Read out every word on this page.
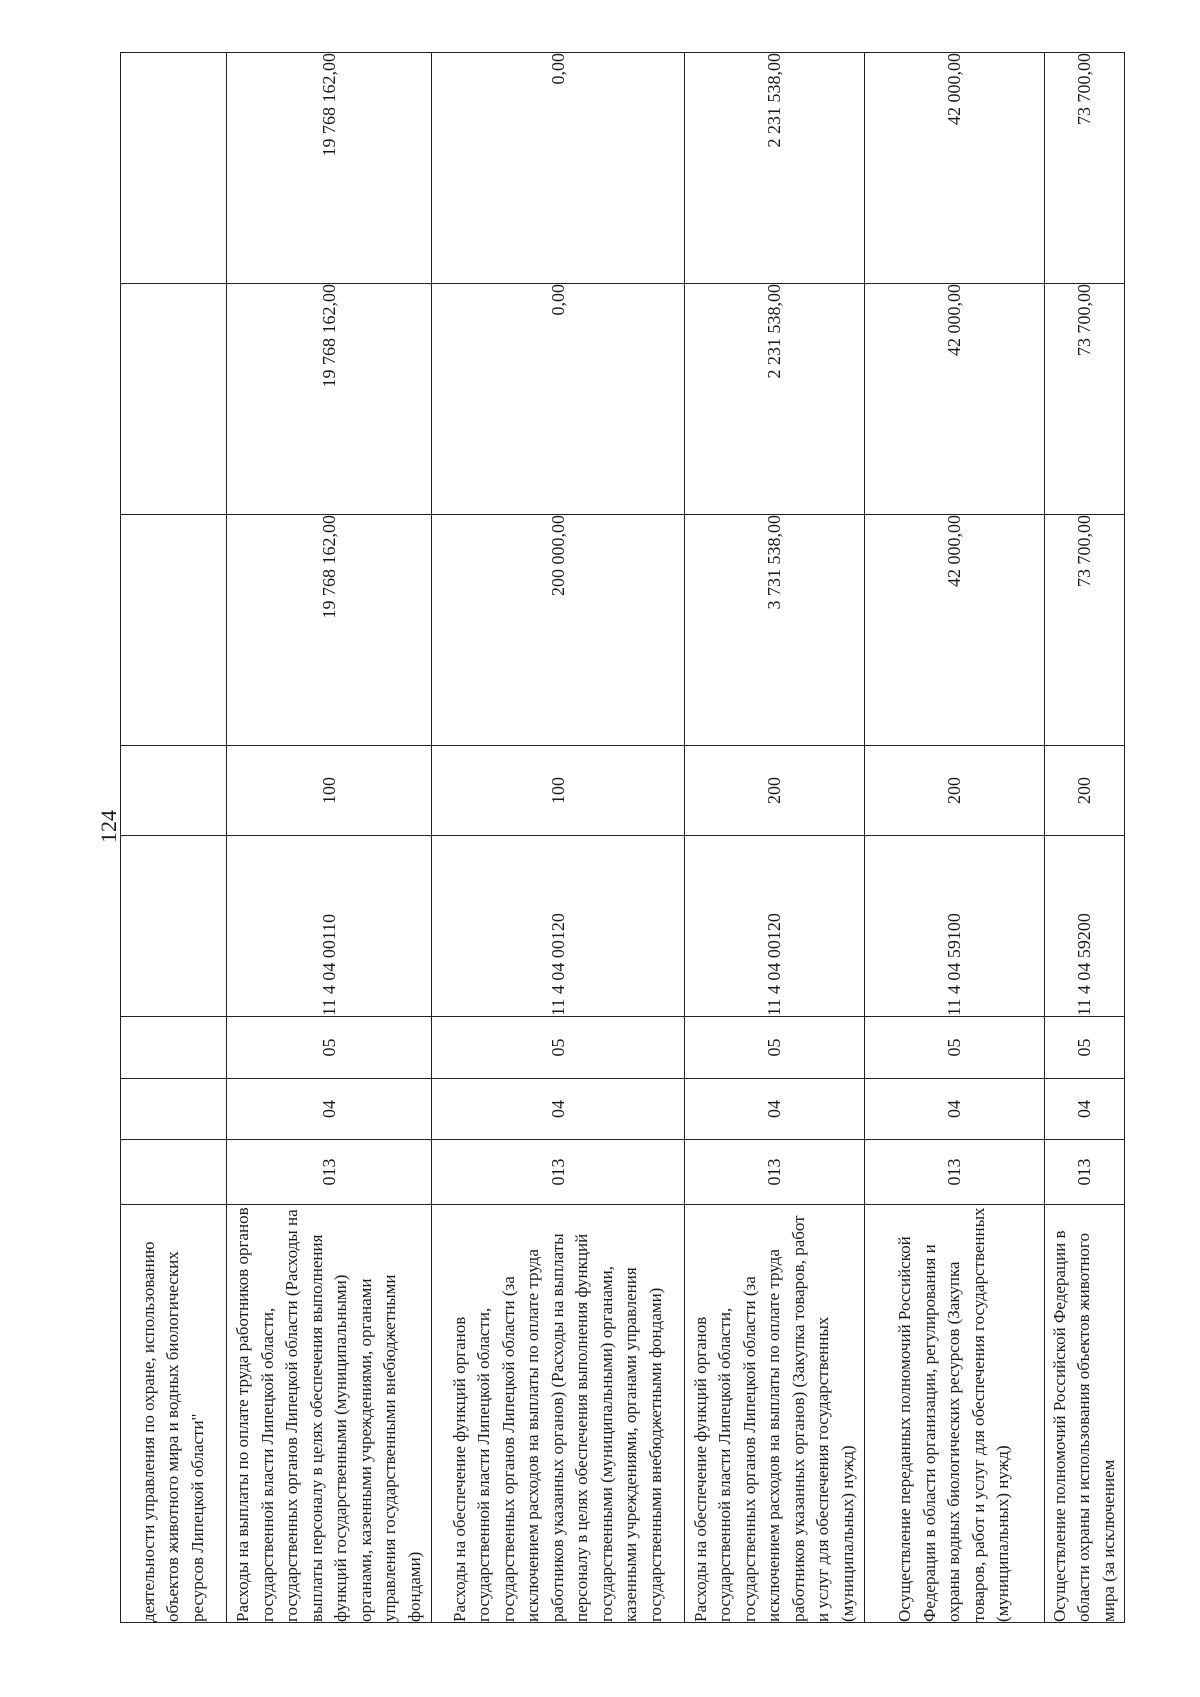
124
деятельности управления по охране, использованию объектов животного мира и водных биологических ресурсов Липецкой области"								
Расходы на выплаты по оплате труда работников органов государственной власти Липецкой области, государственных органов Липецкой области (Расходы на выплаты персоналу в целях обеспечения выполнения функций государственными (муниципальными) органами, казенными учреждениями, органами управления государственными внебюджетными фондами)	013	04	05	11 4 04 00110	100	19 768 162,00	19 768 162,00	19 768 162,00
Расходы на обеспечение функций органов государственной власти Липецкой области, государственных органов Липецкой области (за исключением расходов на выплаты по оплате труда работников указанных органов) (Расходы на выплаты персоналу в целях обеспечения выполнения функций государственными (муниципальными) органами, казенными учреждениями, органами управления государственными внебюджетными фондами)	013	04	05	11 4 04 00120	100	200 000,00	0,00	0,00
Расходы на обеспечение функций органов государственной власти Липецкой области, государственных органов Липецкой области (за исключением расходов на выплаты по оплате труда работников указанных органов) (Закупка товаров, работ и услуг для обеспечения государственных (муниципальных) нужд)	013	04	05	11 4 04 00120	200	3 731 538,00	2 231 538,00	2 231 538,00
Осуществление переданных полномочий Российской Федерации в области организации, регулирования и охраны водных биологических ресурсов (Закупка товаров, работ и услуг для обеспечения государственных (муниципальных) нужд)	013	04	05	11 4 04 59100	200	42 000,00	42 000,00	42 000,00
Осуществление полномочий Российской Федерации в области охраны и использования объектов животного мира (за исключением	013	04	05	11 4 04 59200	200	73 700,00	73 700,00	73 700,00
